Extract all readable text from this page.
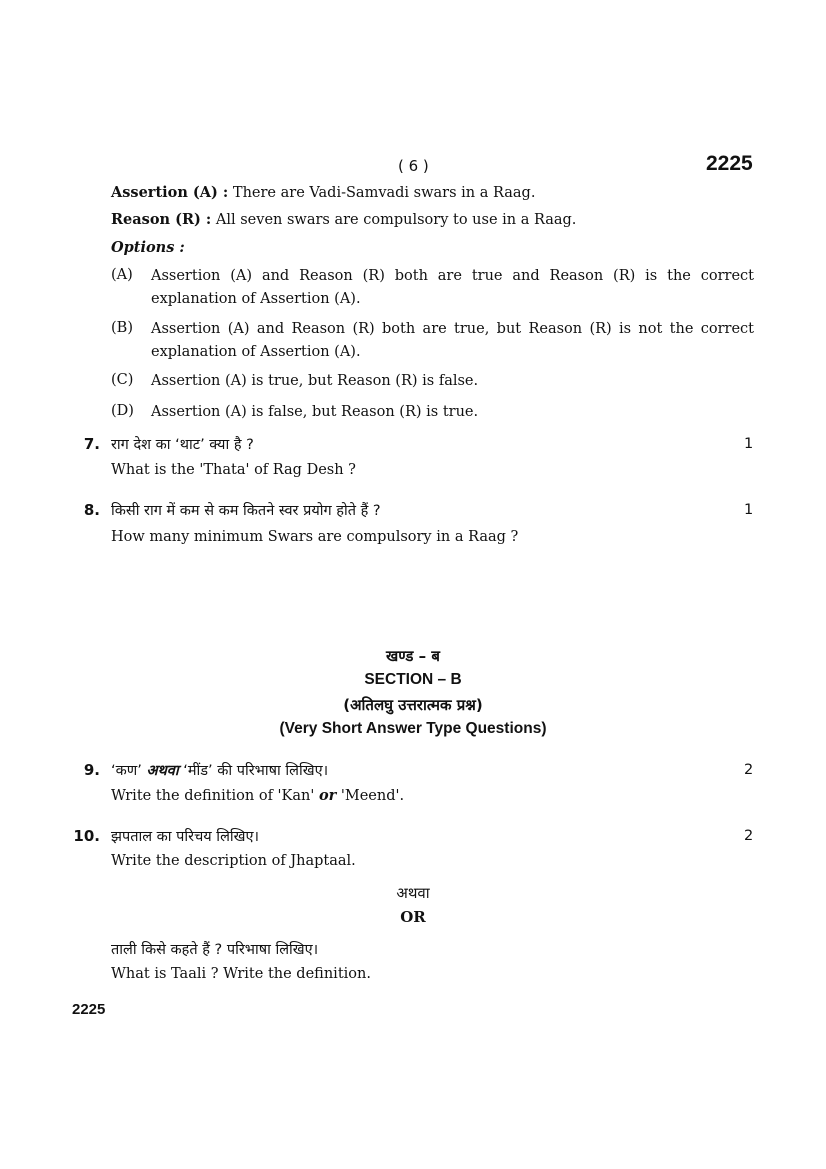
( 6 )	2225
Assertion (A) : There are Vadi-Samvadi swars in a Raag.
Reason (R) : All seven swars are compulsory to use in a Raag.
Options :
(A) Assertion (A) and Reason (R) both are true and Reason (R) is the correct explanation of Assertion (A).
(B) Assertion (A) and Reason (R) both are true, but Reason (R) is not the correct explanation of Assertion (A).
(C) Assertion (A) is true, but Reason (R) is false.
(D) Assertion (A) is false, but Reason (R) is true.
7. राग देश का ‘थाट’ क्या है ?	1
What is the 'Thata' of Rag Desh ?
8. किसी राग में कम से कम कितने स्वर प्रयोग होते हैं ?	1
How many minimum Swars are compulsory in a Raag ?
खण्ड – ब
SECTION – B
(अतिलघु उत्तरात्मक प्रश्न)
(Very Short Answer Type Questions)
9. ‘कण’ अथवा ‘मींड’ की परिभाषा लिखिए।	2
Write the definition of 'Kan' or 'Meend'.
10. झपताल का परिचय लिखिए।	2
Write the description of Jhaptaal.
अथवा
OR
ताली किसे कहते हैं ? परिभाषा लिखिए।
What is Taali ? Write the definition.
2225
